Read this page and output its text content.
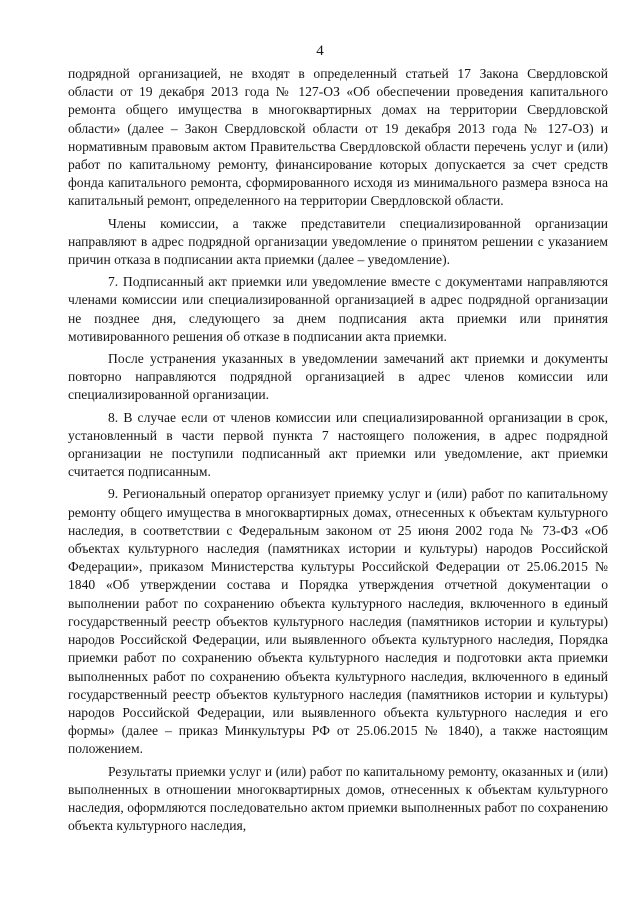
4

подрядной организацией, не входят в определенный статьей 17 Закона Свердловской области от 19 декабря 2013 года № 127-ОЗ «Об обеспечении проведения капитального ремонта общего имущества в многоквартирных домах на территории Свердловской области» (далее – Закон Свердловской области от 19 декабря 2013 года № 127-ОЗ) и нормативным правовым актом Правительства Свердловской области перечень услуг и (или) работ по капитальному ремонту, финансирование которых допускается за счет средств фонда капитального ремонта, сформированного исходя из минимального размера взноса на капитальный ремонт, определенного на территории Свердловской области.

Члены комиссии, а также представители специализированной организации направляют в адрес подрядной организации уведомление о принятом решении с указанием причин отказа в подписании акта приемки (далее – уведомление).

7. Подписанный акт приемки или уведомление вместе с документами направляются членами комиссии или специализированной организацией в адрес подрядной организации не позднее дня, следующего за днем подписания акта приемки или принятия мотивированного решения об отказе в подписании акта приемки.

После устранения указанных в уведомлении замечаний акт приемки и документы повторно направляются подрядной организацией в адрес членов комиссии или специализированной организации.

8. В случае если от членов комиссии или специализированной организации в срок, установленный в части первой пункта 7 настоящего положения, в адрес подрядной организации не поступили подписанный акт приемки или уведомление, акт приемки считается подписанным.

9. Региональный оператор организует приемку услуг и (или) работ по капитальному ремонту общего имущества в многоквартирных домах, отнесенных к объектам культурного наследия, в соответствии с Федеральным законом от 25 июня 2002 года № 73-ФЗ «Об объектах культурного наследия (памятниках истории и культуры) народов Российской Федерации», приказом Министерства культуры Российской Федерации от 25.06.2015 № 1840 «Об утверждении состава и Порядка утверждения отчетной документации о выполнении работ по сохранению объекта культурного наследия, включенного в единый государственный реестр объектов культурного наследия (памятников истории и культуры) народов Российской Федерации, или выявленного объекта культурного наследия, Порядка приемки работ по сохранению объекта культурного наследия и подготовки акта приемки выполненных работ по сохранению объекта культурного наследия, включенного в единый государственный реестр объектов культурного наследия (памятников истории и культуры) народов Российской Федерации, или выявленного объекта культурного наследия и его формы» (далее – приказ Минкультуры РФ от 25.06.2015 № 1840), а также настоящим положением.

Результаты приемки услуг и (или) работ по капитальному ремонту, оказанных и (или) выполненных в отношении многоквартирных домов, отнесенных к объектам культурного наследия, оформляются последовательно актом приемки выполненных работ по сохранению объекта культурного наследия,
